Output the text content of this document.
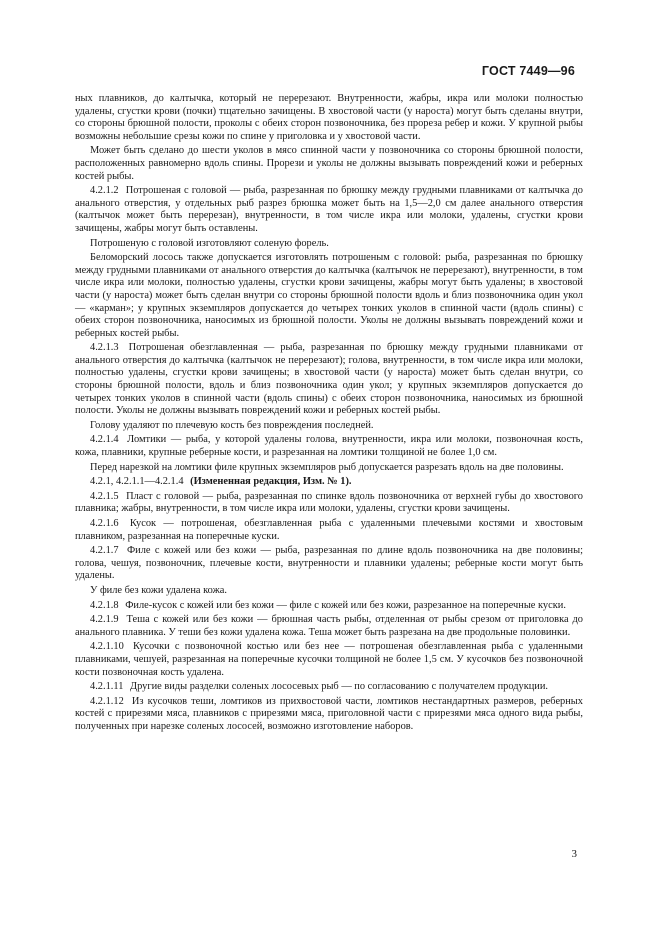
ГОСТ 7449—96

ных плавников, до калтычка, который не перерезают. Внутренности, жабры, икра или молоки полностью удалены, сгустки крови (почки) тщательно зачищены. В хвостовой части (у нароста) могут быть сделаны внутри, со стороны брюшной полости, проколы с обеих сторон позвоночника, без прореза ребер и кожи. У крупной рыбы возможны небольшие срезы кожи по спине у приголовка и у хвостовой части.

Может быть сделано до шести уколов в мясо спинной части у позвоночника со стороны брюшной полости, расположенных равномерно вдоль спины. Прорези и уколы не должны вызывать повреждений кожи и реберных костей рыбы.

4.2.1.2 Потрошеная с головой — рыба, разрезанная по брюшку между грудными плавниками от калтычка до анального отверстия, у отдельных рыб разрез брюшка может быть на 1,5—2,0 см далее анального отверстия (калтычок может быть перерезан), внутренности, в том числе икра или молоки, удалены, сгустки крови зачищены, жабры могут быть оставлены.

Потрошеную с головой изготовляют соленую форель.

Беломорский лосось также допускается изготовлять потрошеным с головой: рыба, разрезанная по брюшку между грудными плавниками от анального отверстия до калтычка (калтычок не перерезают), внутренности, в том числе икра или молоки, полностью удалены, сгустки крови зачищены, жабры могут быть удалены; в хвостовой части (у нароста) может быть сделан внутри со стороны брюшной полости вдоль и близ позвоночника один укол — «карман»; у крупных экземпляров допускается до четырех тонких уколов в спинной части (вдоль спины) с обеих сторон позвоночника, наносимых из брюшной полости. Уколы не должны вызывать повреждений кожи и реберных костей рыбы.

4.2.1.3 Потрошеная обезглавленная — рыба, разрезанная по брюшку между грудными плавниками от анального отверстия до калтычка (калтычок не перерезают); голова, внутренности, в том числе икра или молоки, полностью удалены, сгустки крови зачищены; в хвостовой части (у нароста) может быть сделан внутри, со стороны брюшной полости, вдоль и близ позвоночника один укол; у крупных экземпляров допускается до четырех тонких уколов в спинной части (вдоль спины) с обеих сторон позвоночника, наносимых из брюшной полости. Уколы не должны вызывать повреждений кожи и реберных костей рыбы.

Голову удаляют по плечевую кость без повреждения последней.

4.2.1.4 Ломтики — рыба, у которой удалены голова, внутренности, икра или молоки, позвоночная кость, кожа, плавники, крупные реберные кости, и разрезанная на ломтики толщиной не более 1,0 см.

Перед нарезкой на ломтики филе крупных экземпляров рыб допускается разрезать вдоль на две половины.

4.2.1, 4.2.1.1—4.2.1.4 (Измененная редакция, Изм. № 1).

4.2.1.5 Пласт с головой — рыба, разрезанная по спинке вдоль позвоночника от верхней губы до хвостового плавника; жабры, внутренности, в том числе икра или молоки, удалены, сгустки крови зачищены.

4.2.1.6 Кусок — потрошеная, обезглавленная рыба с удаленными плечевыми костями и хвостовым плавником, разрезанная на поперечные куски.

4.2.1.7 Филе с кожей или без кожи — рыба, разрезанная по длине вдоль позвоночника на две половины; голова, чешуя, позвоночник, плечевые кости, внутренности и плавники удалены; реберные кости могут быть удалены.

У филе без кожи удалена кожа.

4.2.1.8 Филе-кусок с кожей или без кожи — филе с кожей или без кожи, разрезанное на поперечные куски.

4.2.1.9 Теша с кожей или без кожи — брюшная часть рыбы, отделенная от рыбы срезом от приголовка до анального плавника. У теши без кожи удалена кожа. Теша может быть разрезана на две продольные половинки.

4.2.1.10 Кусочки с позвоночной костью или без нее — потрошеная обезглавленная рыба с удаленными плавниками, чешуей, разрезанная на поперечные кусочки толщиной не более 1,5 см. У кусочков без позвоночной кости позвоночная кость удалена.

4.2.1.11 Другие виды разделки соленых лососевых рыб — по согласованию с получателем продукции.

4.2.1.12 Из кусочков теши, ломтиков из прихвостовой части, ломтиков нестандартных размеров, реберных костей с прирезями мяса, плавников с прирезями мяса, приголовной части с прирезями мяса одного вида рыбы, полученных при нарезке соленых лососей, возможно изготовление наборов.

3
